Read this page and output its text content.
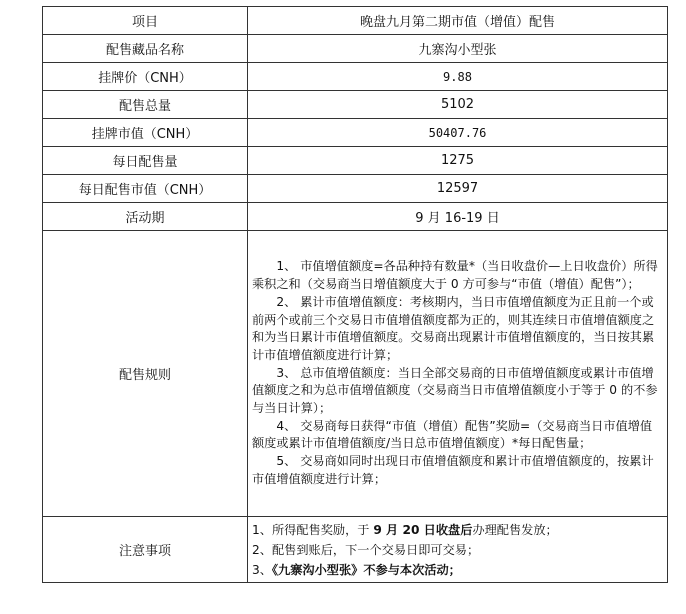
项目	晚盘九月第二期市值（增值）配售
配售藏品名称	九寨沟小型张
挂牌价（CNH）	9.88
配售总量	5102
挂牌市值（CNH）	50407.76
每日配售量	1275
每日配售市值（CNH）	12597
活动期	9 月 16-19 日
配售规则	1、 市值增值额度=各品种持有数量*（当日收盘价—上日收盘价）所得乘积之和（交易商当日增值额度大于 0 方可参与“市值（增值）配售”）；

2、 累计市值增值额度：考核期内，当日市值增值额度为正且前一个或前两个或前三个交易日市值增值额度都为正的，则其连续日市值增值额度之和为当日累计市值增值额度。交易商出现累计市值增值额度的，当日按其累计市值增值额度进行计算；

3、 总市值增值额度：当日全部交易商的日市值增值额度或累计市值增值额度之和为总市值增值额度（交易商当日市值增值额度小于等于 0 的不参与当日计算）；

4、 交易商每日获得“市值（增值）配售”奖励=（交易商当日市值增值额度或累计市值增值额度/当日总市值增值额度）*每日配售量；

5、 交易商如同时出现日市值增值额度和累计市值增值额度的，按累计市值增值额度进行计算；

注意事项	1、所得配售奖励，于 9 月 20 日收盘后办理配售发放；

2、配售到账后，下一个交易日即可交易；

3、《九寨沟小型张》不参与本次活动；
